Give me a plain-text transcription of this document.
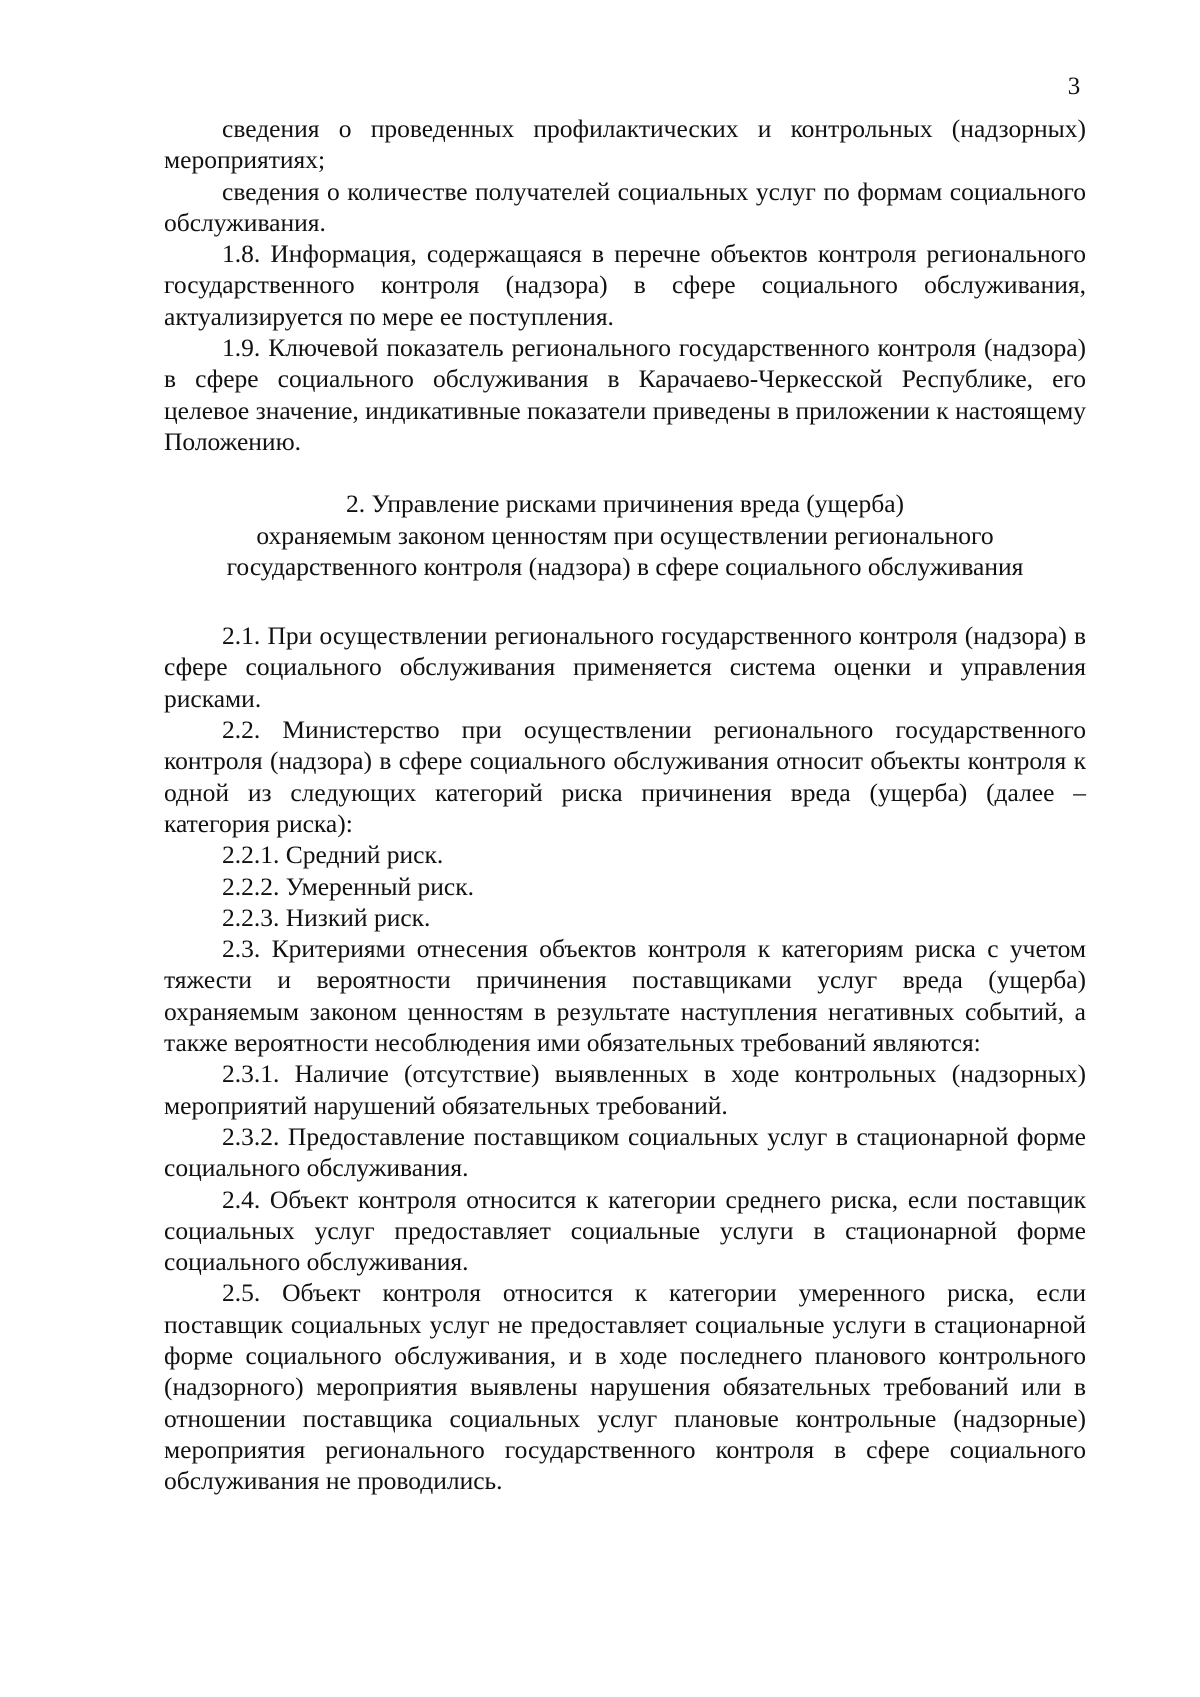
3

сведения о проведенных профилактических и контрольных (надзорных) мероприятиях;

сведения о количестве получателей социальных услуг по формам социального обслуживания.

1.8. Информация, содержащаяся в перечне объектов контроля регионального государственного контроля (надзора) в сфере социального обслуживания, актуализируется по мере ее поступления.

1.9. Ключевой показатель регионального государственного контроля (надзора) в сфере социального обслуживания в Карачаево-Черкесской Республике, его целевое значение, индикативные показатели приведены в приложении к настоящему Положению.

2. Управление рисками причинения вреда (ущерба)
охраняемым законом ценностям при осуществлении регионального
государственного контроля (надзора) в сфере социального обслуживания

2.1. При осуществлении регионального государственного контроля (надзора) в сфере социального обслуживания применяется система оценки и управления рисками.

2.2. Министерство при осуществлении регионального государственного контроля (надзора) в сфере социального обслуживания относит объекты контроля к одной из следующих категорий риска причинения вреда (ущерба) (далее – категория риска):

2.2.1. Средний риск.

2.2.2. Умеренный риск.

2.2.3. Низкий риск.

2.3. Критериями отнесения объектов контроля к категориям риска с учетом тяжести и вероятности причинения поставщиками услуг вреда (ущерба) охраняемым законом ценностям в результате наступления негативных событий, а также вероятности несоблюдения ими обязательных требований являются:

2.3.1. Наличие (отсутствие) выявленных в ходе контрольных (надзорных) мероприятий нарушений обязательных требований.

2.3.2. Предоставление поставщиком социальных услуг в стационарной форме социального обслуживания.

2.4. Объект контроля относится к категории среднего риска, если поставщик социальных услуг предоставляет социальные услуги в стационарной форме социального обслуживания.

2.5. Объект контроля относится к категории умеренного риска, если поставщик социальных услуг не предоставляет социальные услуги в стационарной форме социального обслуживания, и в ходе последнего планового контрольного (надзорного) мероприятия выявлены нарушения обязательных требований или в отношении поставщика социальных услуг плановые контрольные (надзорные) мероприятия регионального государственного контроля в сфере социального обслуживания не проводились.
